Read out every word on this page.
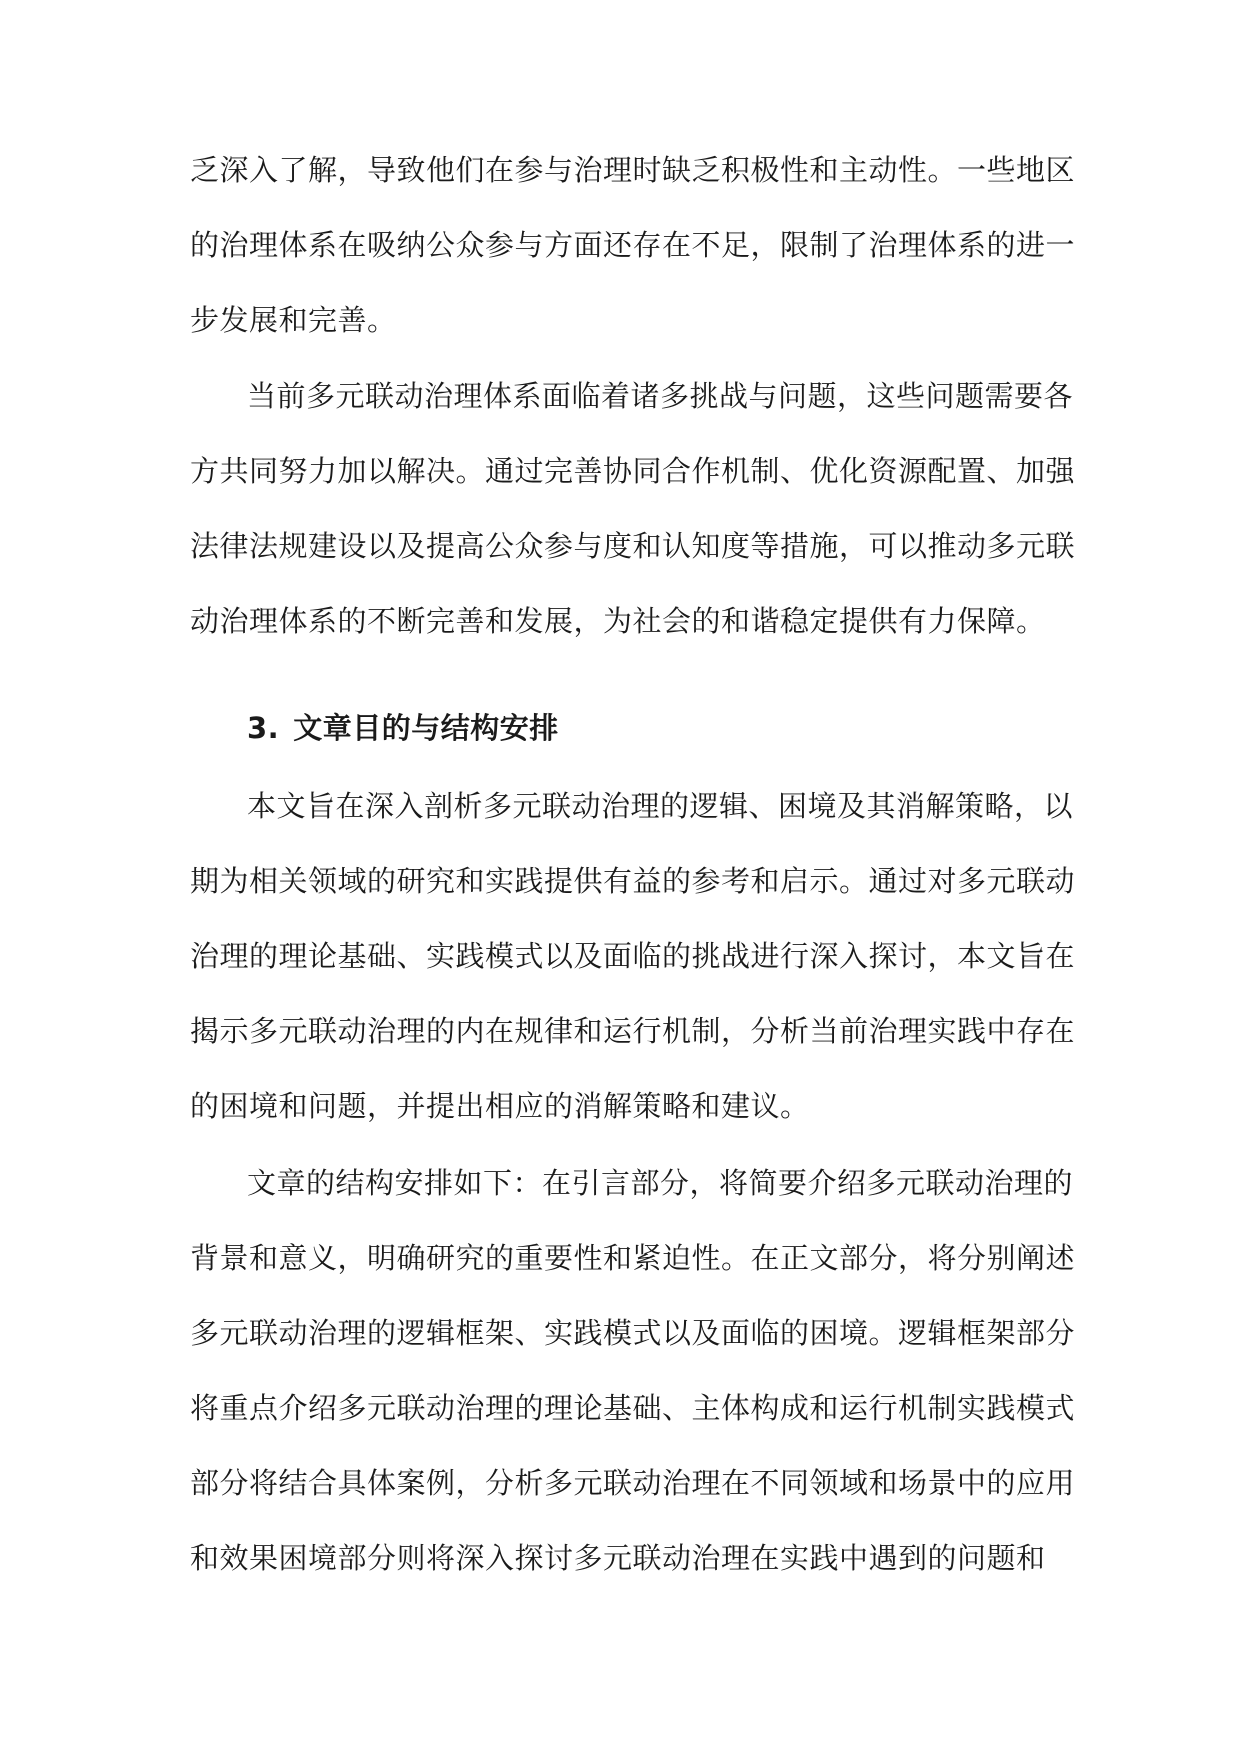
乏深入了解，导致他们在参与治理时缺乏积极性和主动性。一些地区
的治理体系在吸纳公众参与方面还存在不足，限制了治理体系的进一
步发展和完善。
当前多元联动治理体系面临着诸多挑战与问题，这些问题需要各
方共同努力加以解决。通过完善协同合作机制、优化资源配置、加强
法律法规建设以及提高公众参与度和认知度等措施，可以推动多元联
动治理体系的不断完善和发展，为社会的和谐稳定提供有力保障。
3. 文章目的与结构安排
本文旨在深入剖析多元联动治理的逻辑、困境及其消解策略，以
期为相关领域的研究和实践提供有益的参考和启示。通过对多元联动
治理的理论基础、实践模式以及面临的挑战进行深入探讨，本文旨在
揭示多元联动治理的内在规律和运行机制，分析当前治理实践中存在
的困境和问题，并提出相应的消解策略和建议。
文章的结构安排如下：在引言部分，将简要介绍多元联动治理的
背景和意义，明确研究的重要性和紧迫性。在正文部分，将分别阐述
多元联动治理的逻辑框架、实践模式以及面临的困境。逻辑框架部分
将重点介绍多元联动治理的理论基础、主体构成和运行机制实践模式
部分将结合具体案例，分析多元联动治理在不同领域和场景中的应用
和效果困境部分则将深入探讨多元联动治理在实践中遇到的问题和
